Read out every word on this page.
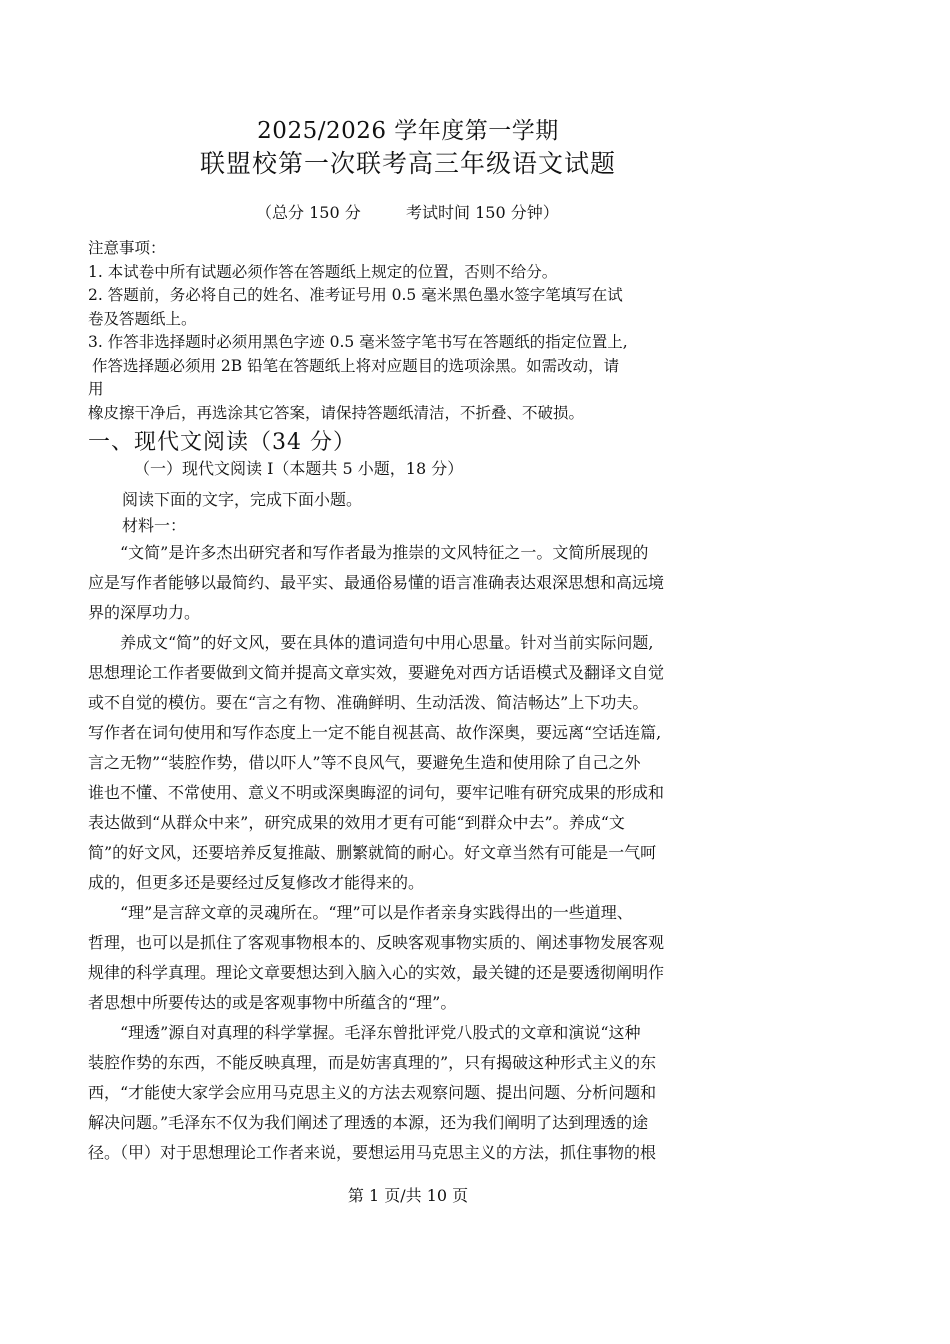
2025/2026 学年度第一学期
联盟校第一次联考高三年级语文试题
（总分 150 分	考试时间 150 分钟）

注意事项：

1. 本试卷中所有试题必须作答在答题纸上规定的位置，否则不给分。

2. 答题前，务必将自己的姓名、准考证号用 0.5 毫米黑色墨水签字笔填写在试

卷及答题纸上。

3. 作答非选择题时必须用黑色字迹 0.5 毫米签字笔书写在答题纸的指定位置上,

作答选择题必须用 2B 铅笔在答题纸上将对应题目的选项涂黑。如需改动，请

用

橡皮擦干净后，再选涂其它答案，请保持答题纸清洁，不折叠、不破损。

一、现代文阅读（34 分）
（一）现代文阅读 I（本题共 5 小题，18 分）
阅读下面的文字，完成下面小题。
材料一：

“文简”是许多杰出研究者和写作者最为推崇的文风特征之一。文简所展现的

应是写作者能够以最简约、最平实、最通俗易懂的语言准确表达艰深思想和高远境

界的深厚功力。

养成文“简”的好文风，要在具体的遣词造句中用心思量。针对当前实际问题,

思想理论工作者要做到文简并提高文章实效，要避免对西方话语模式及翻译文自觉

或不自觉的模仿。要在“言之有物、准确鲜明、生动活泼、简洁畅达”上下功夫。

写作者在词句使用和写作态度上一定不能自视甚高、故作深奥，要远离“空话连篇,

言之无物”“装腔作势，借以吓人”等不良风气，要避免生造和使用除了自己之外

谁也不懂、不常使用、意义不明或深奥晦涩的词句，要牢记唯有研究成果的形成和

表达做到“从群众中来”，研究成果的效用才更有可能“到群众中去”。养成“文

简”的好文风，还要培养反复推敲、删繁就简的耐心。好文章当然有可能是一气呵

成的，但更多还是要经过反复修改才能得来的。

“理”是言辞文章的灵魂所在。“理”可以是作者亲身实践得出的一些道理、

哲理，也可以是抓住了客观事物根本的、反映客观事物实质的、阐述事物发展客观

规律的科学真理。理论文章要想达到入脑入心的实效，最关键的还是要透彻阐明作

者思想中所要传达的或是客观事物中所蕴含的“理”。

“理透”源自对真理的科学掌握。毛泽东曾批评党八股式的文章和演说“这种

装腔作势的东西，不能反映真理，而是妨害真理的”，只有揭破这种形式主义的东

西，“才能使大家学会应用马克思主义的方法去观察问题、提出问题、分析问题和

解决问题。”毛泽东不仅为我们阐述了理透的本源，还为我们阐明了达到理透的途

径。（甲）对于思想理论工作者来说，要想运用马克思主义的方法，抓住事物的根

第 1 页/共 10 页
